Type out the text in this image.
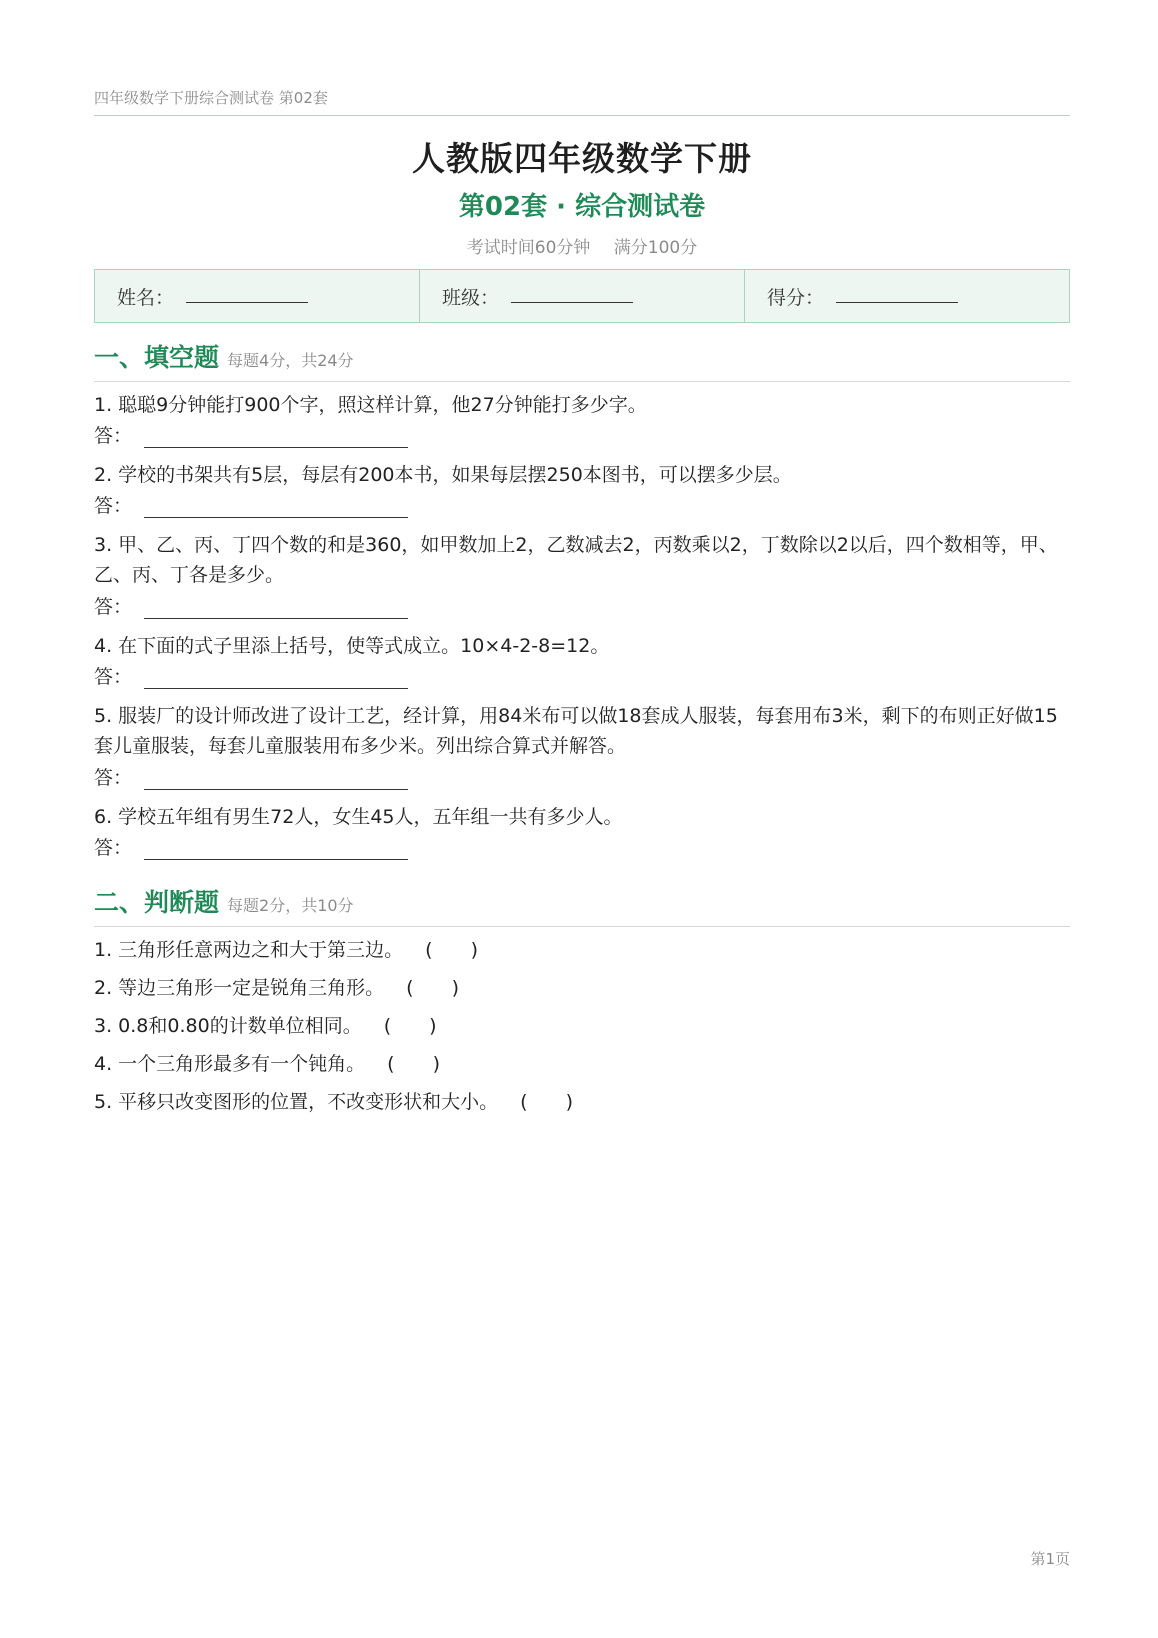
四年级数学下册综合测试卷 第02套
人教版四年级数学下册
第02套 · 综合测试卷
考试时间60分钟 满分100分
姓名：	班级：	得分：
一、填空题 每题4分，共24分
1. 聪聪9分钟能打900个字，照这样计算，他27分钟能打多少字。
答：
2. 学校的书架共有5层，每层有200本书，如果每层摆250本图书，可以摆多少层。
答：
3. 甲、乙、丙、丁四个数的和是360，如甲数加上2，乙数减去2，丙数乘以2，丁数除以2以后，四个数相等，甲、乙、丙、丁各是多少。
答：
4. 在下面的式子里添上括号，使等式成立。10×4-2-8=12。
答：
5. 服装厂的设计师改进了设计工艺，经计算，用84米布可以做18套成人服装，每套用布3米，剩下的布则正好做15套儿童服装，每套儿童服装用布多少米。列出综合算式并解答。
答：
6. 学校五年组有男生72人，女生45人，五年组一共有多少人。
答：
二、判断题 每题2分，共10分
1. 三角形任意两边之和大于第三边。 (　　)
2. 等边三角形一定是锐角三角形。 (　　)
3. 0.8和0.80的计数单位相同。 (　　)
4. 一个三角形最多有一个钝角。 (　　)
5. 平移只改变图形的位置，不改变形状和大小。 (　　)
第1页
